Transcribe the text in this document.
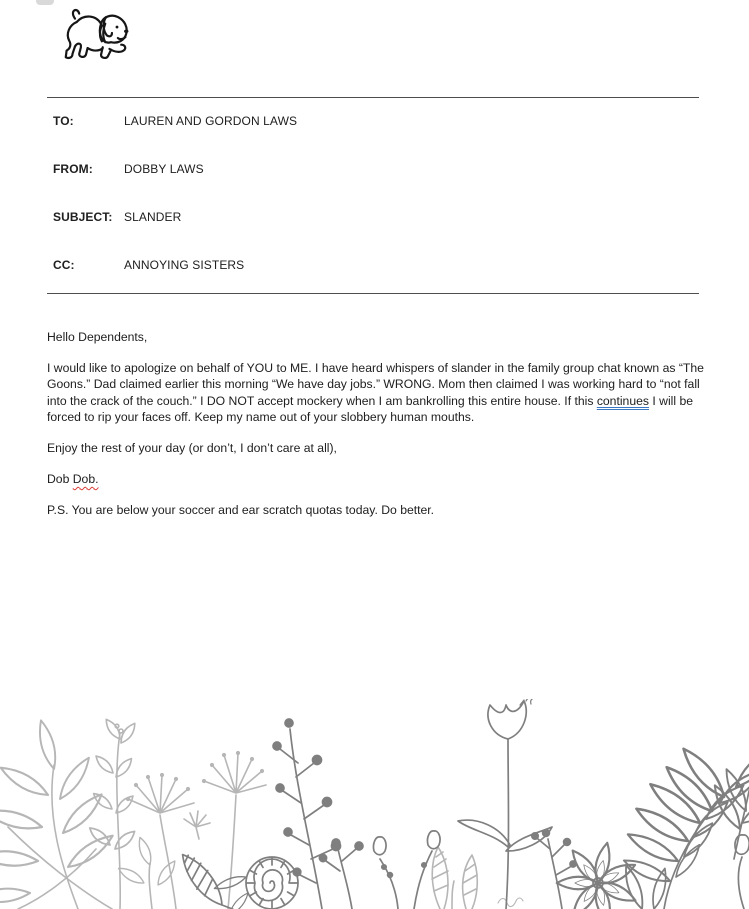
TO:	LAUREN AND GORDON LAWS
FROM:	DOBBY LAWS
SUBJECT: SLANDER
CC:	ANNOYING SISTERS

Hello Dependents,

I would like to apologize on behalf of YOU to ME. I have heard whispers of slander in the family group chat known as “The Goons.” Dad claimed earlier this morning “We have day jobs.” WRONG. Mom then claimed I was working hard to “not fall into the crack of the couch.” I DO NOT accept mockery when I am bankrolling this entire house. If this continues I will be forced to rip your faces off. Keep my name out of your slobbery human mouths.

Enjoy the rest of your day (or don’t, I don’t care at all),

Dob Dob.

P.S. You are below your soccer and ear scratch quotas today. Do better.
